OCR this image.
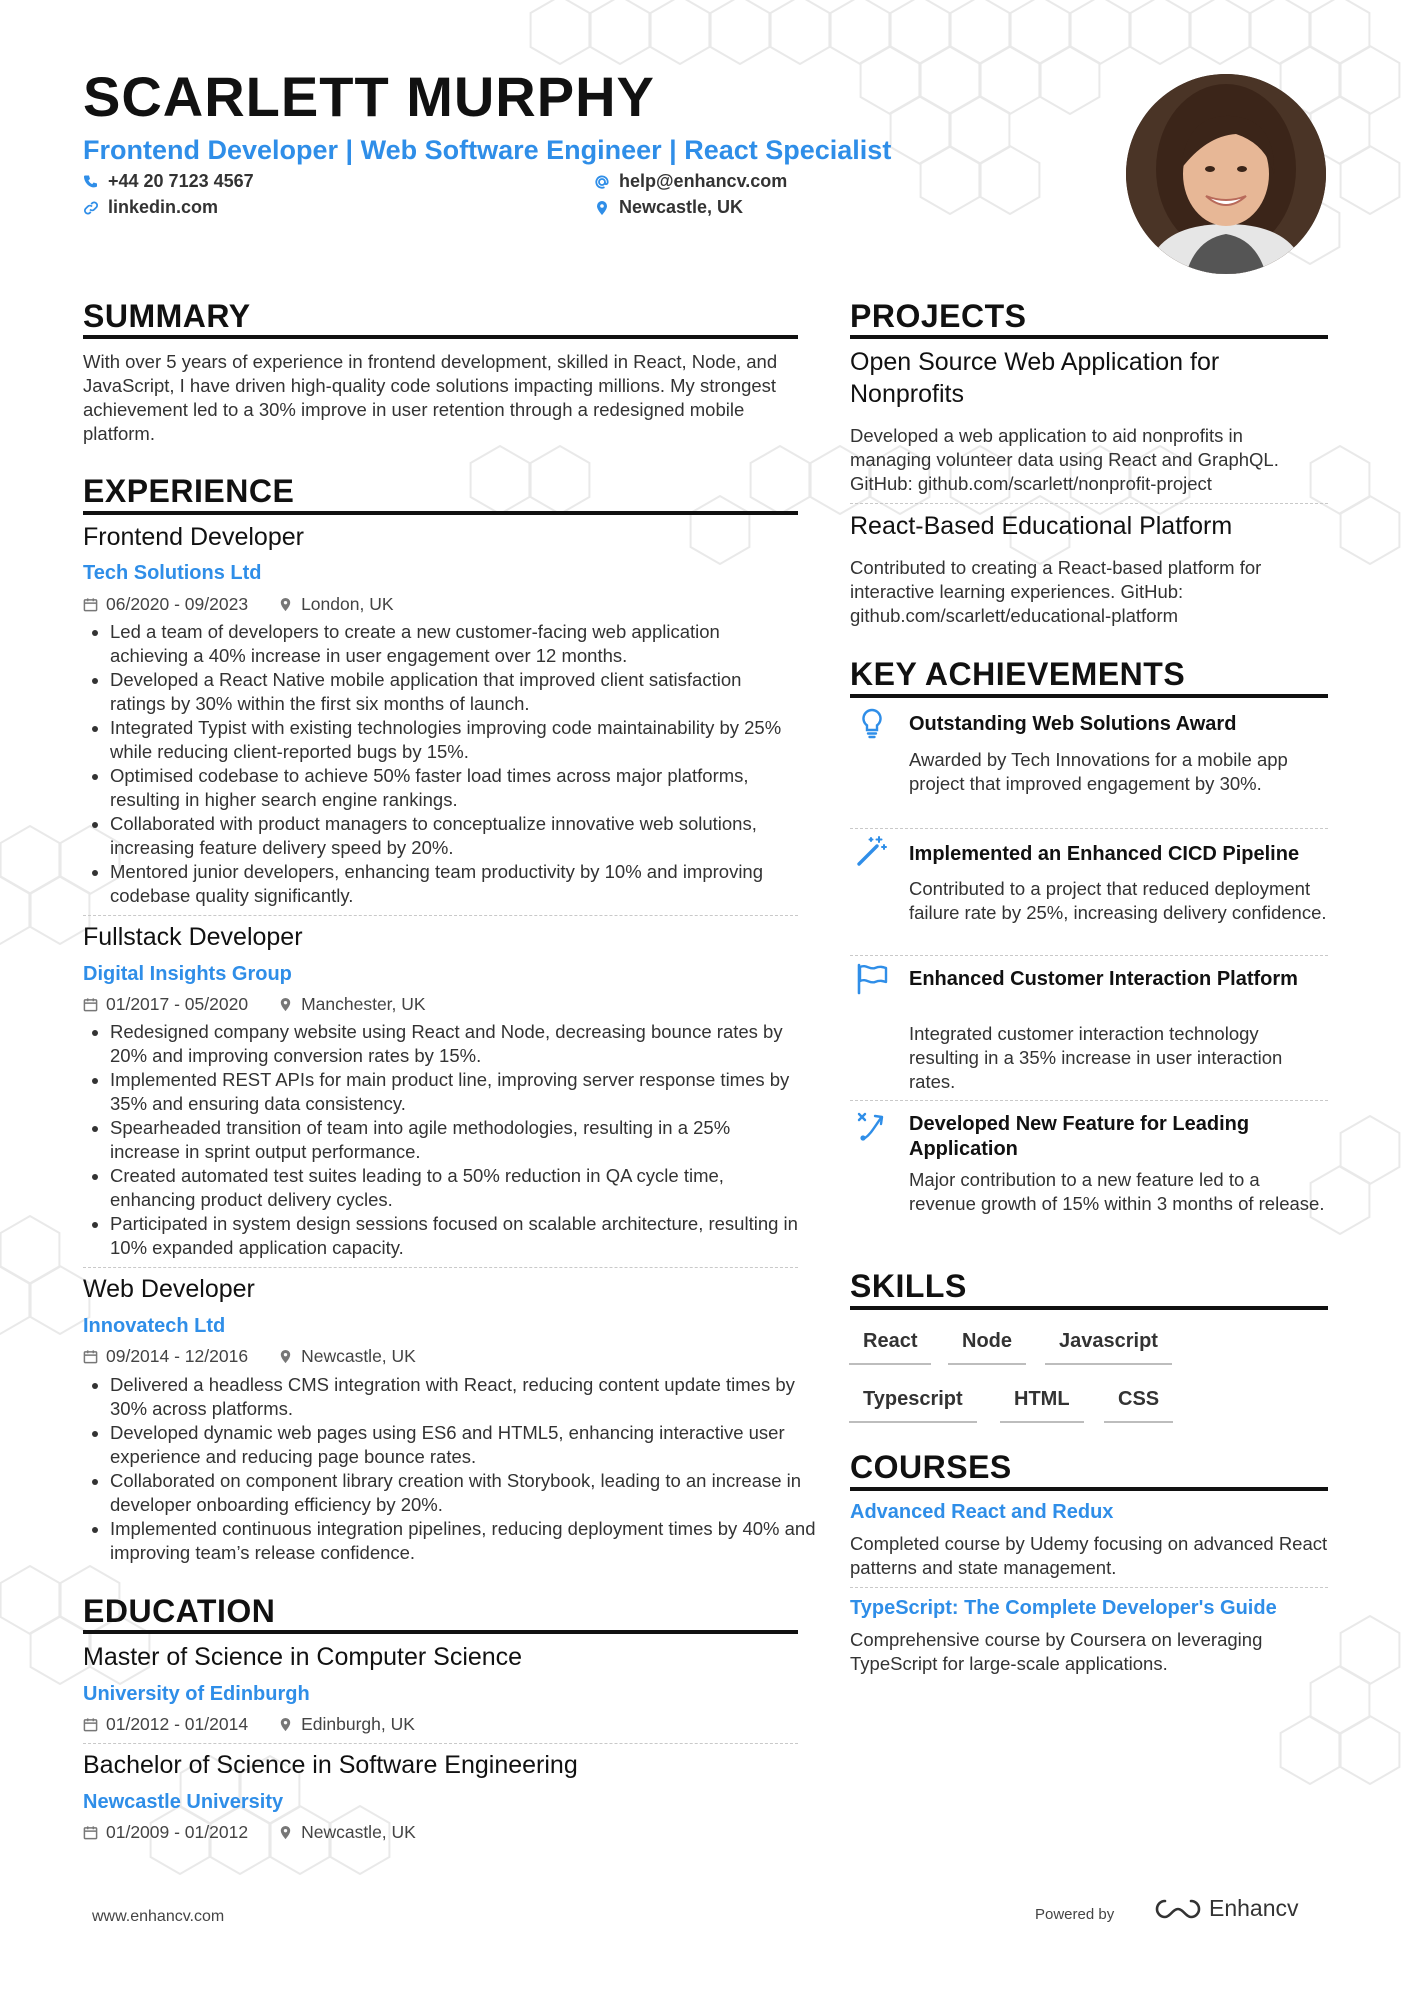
SCARLETT MURPHY
Frontend Developer | Web Software Engineer | React Specialist
+44 20 7123 4567	help@enhancv.com
linkedin.com	Newcastle, UK
SUMMARY
With over 5 years of experience in frontend development, skilled in React, Node, and JavaScript, I have driven high-quality code solutions impacting millions. My strongest achievement led to a 30% improve in user retention through a redesigned mobile platform.
EXPERIENCE
Frontend Developer
Tech Solutions Ltd
06/2020 - 09/2023	London, UK
• Led a team of developers to create a new customer-facing web application achieving a 40% increase in user engagement over 12 months.
• Developed a React Native mobile application that improved client satisfaction ratings by 30% within the first six months of launch.
• Integrated Typist with existing technologies improving code maintainability by 25% while reducing client-reported bugs by 15%.
• Optimised codebase to achieve 50% faster load times across major platforms, resulting in higher search engine rankings.
• Collaborated with product managers to conceptualize innovative web solutions, increasing feature delivery speed by 20%.
• Mentored junior developers, enhancing team productivity by 10% and improving codebase quality significantly.
Fullstack Developer
Digital Insights Group
01/2017 - 05/2020	Manchester, UK
• Redesigned company website using React and Node, decreasing bounce rates by 20% and improving conversion rates by 15%.
• Implemented REST APIs for main product line, improving server response times by 35% and ensuring data consistency.
• Spearheaded transition of team into agile methodologies, resulting in a 25% increase in sprint output performance.
• Created automated test suites leading to a 50% reduction in QA cycle time, enhancing product delivery cycles.
• Participated in system design sessions focused on scalable architecture, resulting in 10% expanded application capacity.
Web Developer
Innovatech Ltd
09/2014 - 12/2016	Newcastle, UK
• Delivered a headless CMS integration with React, reducing content update times by 30% across platforms.
• Developed dynamic web pages using ES6 and HTML5, enhancing interactive user experience and reducing page bounce rates.
• Collaborated on component library creation with Storybook, leading to an increase in developer onboarding efficiency by 20%.
• Implemented continuous integration pipelines, reducing deployment times by 40% and improving team’s release confidence.
EDUCATION
Master of Science in Computer Science
University of Edinburgh
01/2012 - 01/2014	Edinburgh, UK
Bachelor of Science in Software Engineering
Newcastle University
01/2009 - 01/2012	Newcastle, UK
PROJECTS
Open Source Web Application for Nonprofits
Developed a web application to aid nonprofits in managing volunteer data using React and GraphQL. GitHub: github.com/scarlett/nonprofit-project
React-Based Educational Platform
Contributed to creating a React-based platform for interactive learning experiences. GitHub: github.com/scarlett/educational-platform
KEY ACHIEVEMENTS
Outstanding Web Solutions Award
Awarded by Tech Innovations for a mobile app project that improved engagement by 30%.
Implemented an Enhanced CICD Pipeline
Contributed to a project that reduced deployment failure rate by 25%, increasing delivery confidence.
Enhanced Customer Interaction Platform
Integrated customer interaction technology resulting in a 35% increase in user interaction rates.
Developed New Feature for Leading Application
Major contribution to a new feature led to a revenue growth of 15% within 3 months of release.
SKILLS
React	Node	Javascript
Typescript	HTML	CSS
COURSES
Advanced React and Redux
Completed course by Udemy focusing on advanced React patterns and state management.
TypeScript: The Complete Developer's Guide
Comprehensive course by Coursera on leveraging TypeScript for large-scale applications.
www.enhancv.com	Powered by	Enhancv
